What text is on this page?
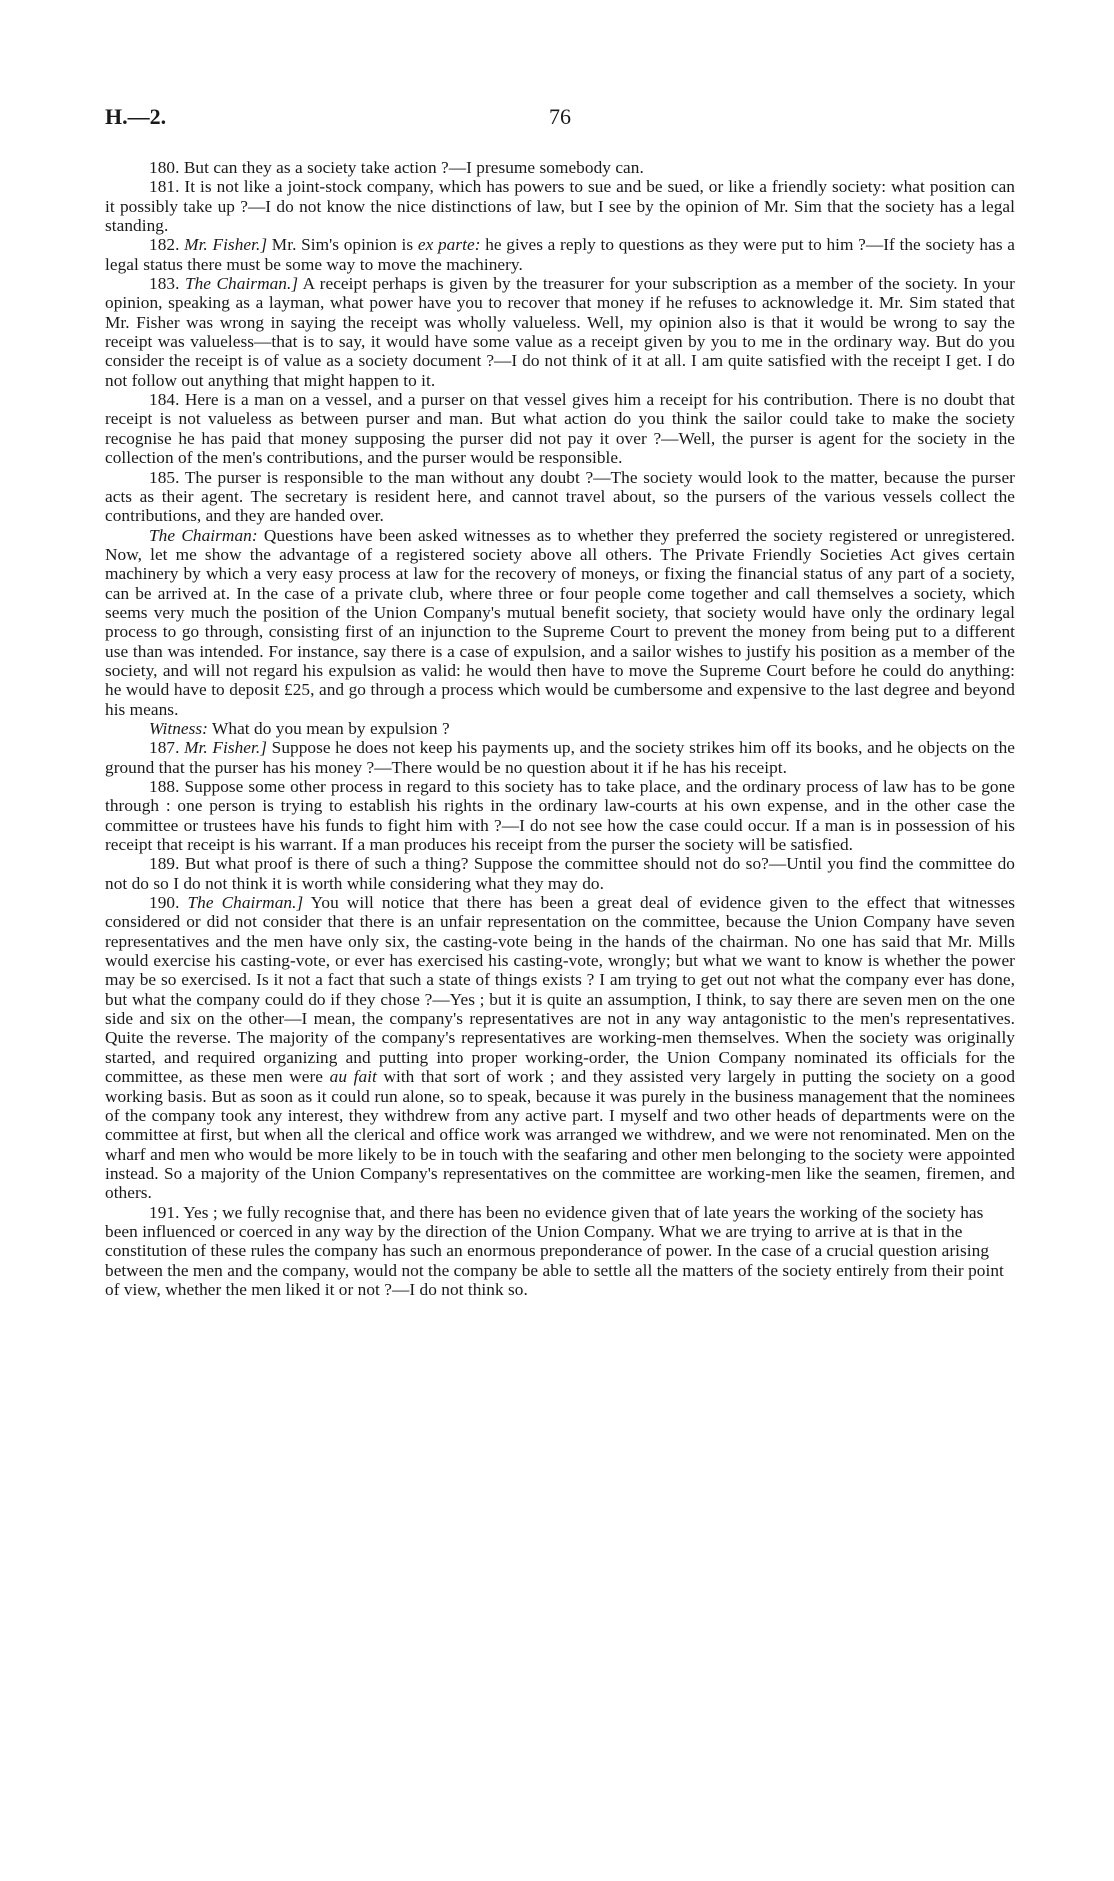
H.—2.	76

180. But can they as a society take action ?—I presume somebody can.

181. It is not like a joint-stock company, which has powers to sue and be sued, or like a friendly society: what position can it possibly take up ?—I do not know the nice distinctions of law, but I see by the opinion of Mr. Sim that the society has a legal standing.

182. Mr. Fisher.] Mr. Sim's opinion is ex parte: he gives a reply to questions as they were put to him ?—If the society has a legal status there must be some way to move the machinery.

183. The Chairman.] A receipt perhaps is given by the treasurer for your subscription as a member of the society. In your opinion, speaking as a layman, what power have you to recover that money if he refuses to acknowledge it. Mr. Sim stated that Mr. Fisher was wrong in saying the receipt was wholly valueless. Well, my opinion also is that it would be wrong to say the receipt was valueless—that is to say, it would have some value as a receipt given by you to me in the ordinary way. But do you consider the receipt is of value as a society document ?—I do not think of it at all. I am quite satisfied with the receipt I get. I do not follow out anything that might happen to it.

184. Here is a man on a vessel, and a purser on that vessel gives him a receipt for his contribution. There is no doubt that receipt is not valueless as between purser and man. But what action do you think the sailor could take to make the society recognise he has paid that money supposing the purser did not pay it over ?—Well, the purser is agent for the society in the collection of the men's contributions, and the purser would be responsible.

185. The purser is responsible to the man without any doubt ?—The society would look to the matter, because the purser acts as their agent. The secretary is resident here, and cannot travel about, so the pursers of the various vessels collect the contributions, and they are handed over.

The Chairman: Questions have been asked witnesses as to whether they preferred the society registered or unregistered. Now, let me show the advantage of a registered society above all others. The Private Friendly Societies Act gives certain machinery by which a very easy process at law for the recovery of moneys, or fixing the financial status of any part of a society, can be arrived at. In the case of a private club, where three or four people come together and call themselves a society, which seems very much the position of the Union Company's mutual benefit society, that society would have only the ordinary legal process to go through, consisting first of an injunction to the Supreme Court to prevent the money from being put to a different use than was intended. For instance, say there is a case of expulsion, and a sailor wishes to justify his position as a member of the society, and will not regard his expulsion as valid: he would then have to move the Supreme Court before he could do anything: he would have to deposit £25, and go through a process which would be cumbersome and expensive to the last degree and beyond his means.

Witness: What do you mean by expulsion ?

187. Mr. Fisher.] Suppose he does not keep his payments up, and the society strikes him off its books, and he objects on the ground that the purser has his money ?—There would be no question about it if he has his receipt.

188. Suppose some other process in regard to this society has to take place, and the ordinary process of law has to be gone through : one person is trying to establish his rights in the ordinary law-courts at his own expense, and in the other case the committee or trustees have his funds to fight him with ?—I do not see how the case could occur. If a man is in possession of his receipt that receipt is his warrant. If a man produces his receipt from the purser the society will be satisfied.

189. But what proof is there of such a thing? Suppose the committee should not do so?—Until you find the committee do not do so I do not think it is worth while considering what they may do.

190. The Chairman.] You will notice that there has been a great deal of evidence given to the effect that witnesses considered or did not consider that there is an unfair representation on the committee, because the Union Company have seven representatives and the men have only six, the casting-vote being in the hands of the chairman. No one has said that Mr. Mills would exercise his casting-vote, or ever has exercised his casting-vote, wrongly; but what we want to know is whether the power may be so exercised. Is it not a fact that such a state of things exists ? I am trying to get out not what the company ever has done, but what the company could do if they chose ?—Yes ; but it is quite an assumption, I think, to say there are seven men on the one side and six on the other—I mean, the company's representatives are not in any way antagonistic to the men's representatives. Quite the reverse. The majority of the company's representatives are working-men themselves. When the society was originally started, and required organizing and putting into proper working-order, the Union Company nominated its officials for the committee, as these men were au fait with that sort of work ; and they assisted very largely in putting the society on a good working basis. But as soon as it could run alone, so to speak, because it was purely in the business management that the nominees of the company took any interest, they withdrew from any active part. I myself and two other heads of departments were on the committee at first, but when all the clerical and office work was arranged we withdrew, and we were not renominated. Men on the wharf and men who would be more likely to be in touch with the seafaring and other men belonging to the society were appointed instead. So a majority of the Union Company's representatives on the committee are working-men like the seamen, firemen, and others.

191. Yes ; we fully recognise that, and there has been no evidence given that of late years the working of the society has been influenced or coerced in any way by the direction of the Union Company. What we are trying to arrive at is that in the constitution of these rules the company has such an enormous preponderance of power. In the case of a crucial question arising between the men and the company, would not the company be able to settle all the matters of the society entirely from their point of view, whether the men liked it or not ?—I do not think so.
